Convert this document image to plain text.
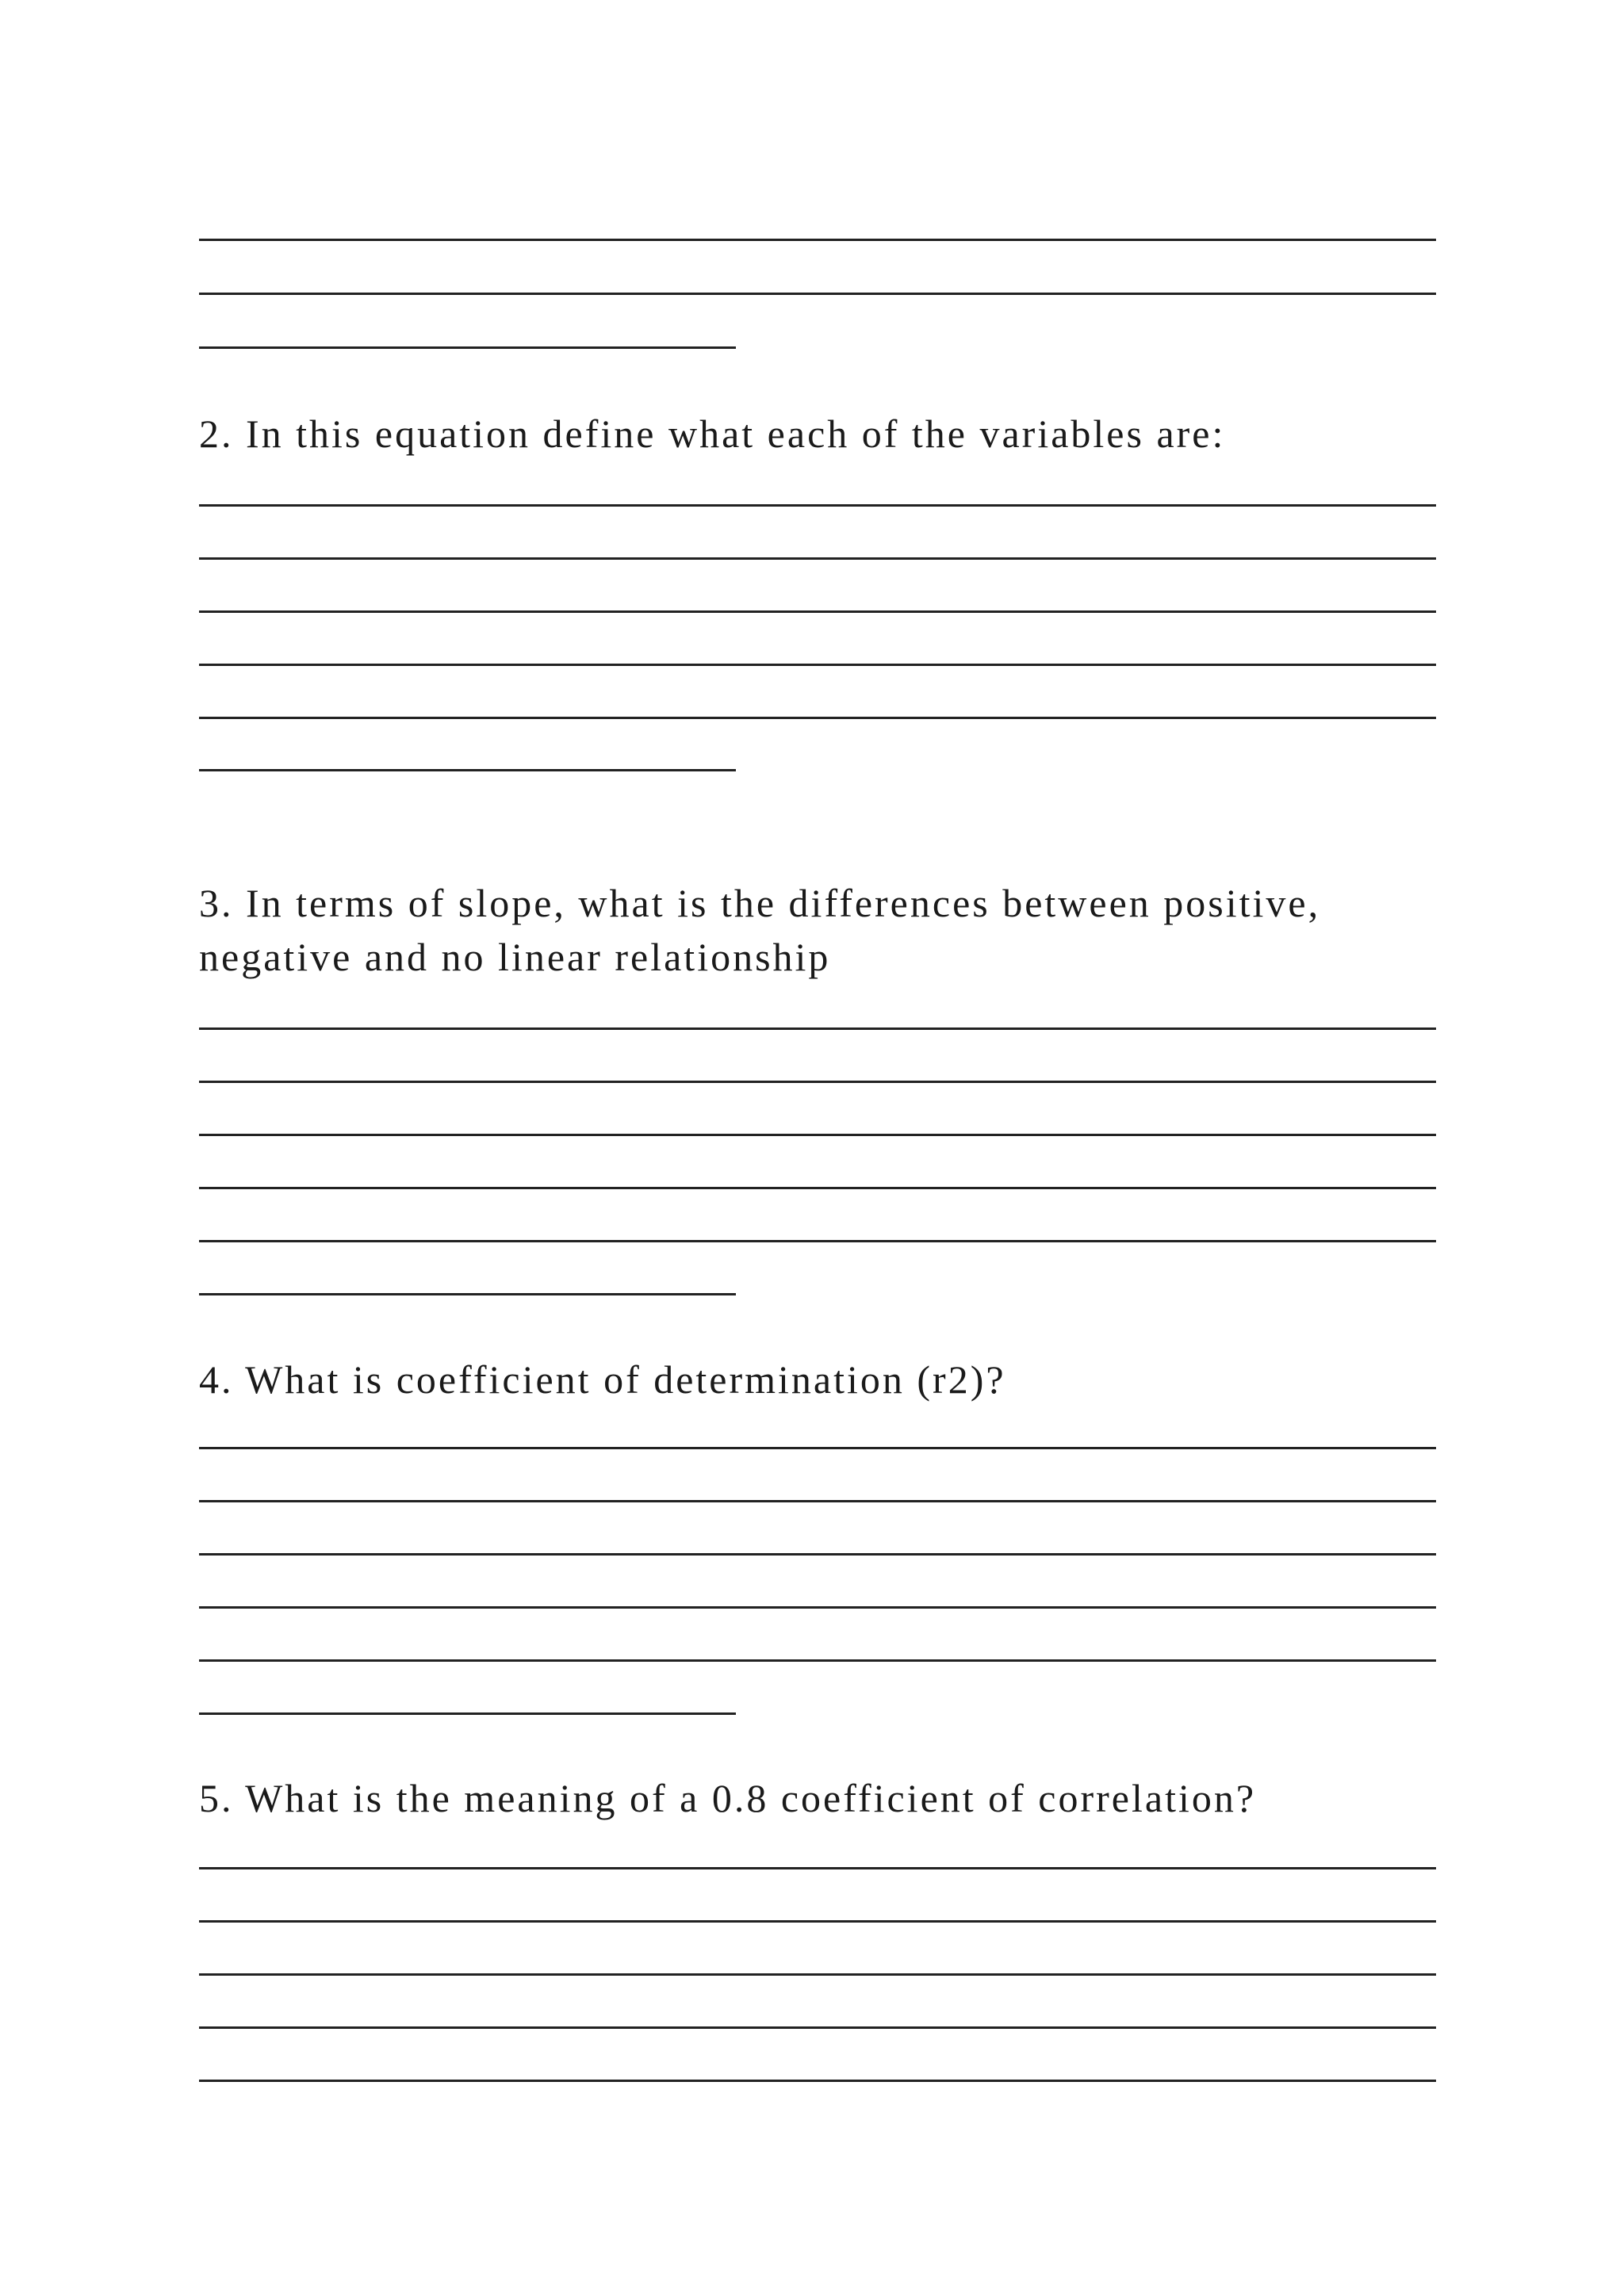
2. In this equation define what each of the variables are:

3. In terms of slope, what is the differences between positive,
negative and no linear relationship

4. What is coefficient of determination (r2)?

5. What is the meaning of a 0.8 coefficient of correlation?
